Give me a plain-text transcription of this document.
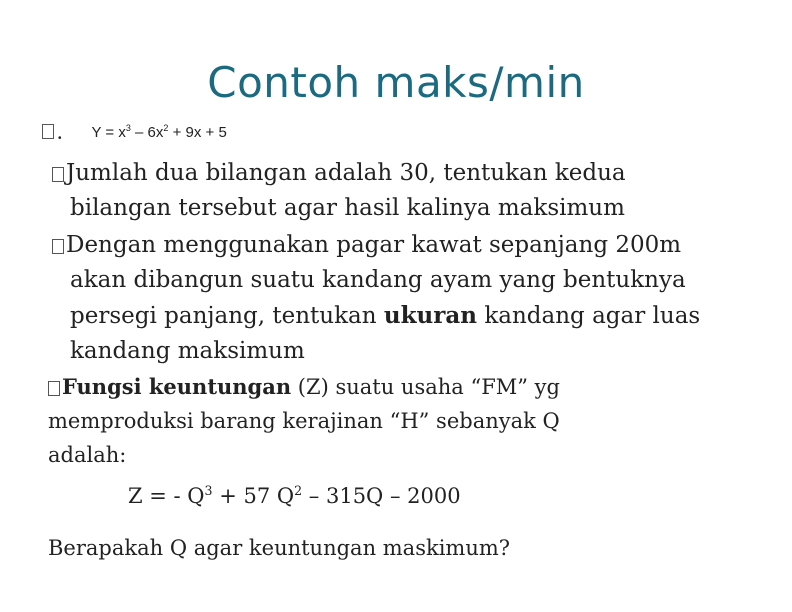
Contoh maks/min
$_•$ $Y = x^3 - 6x^2 + 9x + 5$
Jumlah dua bilangan adalah 30, tentukan kedua
bilangan tersebut agar hasil kalinya maksimum
Dengan menggunakan pagar kawat sepanjang 200m
akan dibangun suatu kandang ayam yang bentuknya
persegi panjang, tentukan ukuran kandang agar luas
kandang maksimum
Fungsi keuntungan (Z) suatu usaha “FM” yg
memproduksi barang kerajinan “H” sebanyak Q
adalah:
Z = - $Q^3 + 57$ $Q^2 - 315Q - 2000$
Berapakah Q agar keuntungan maskimum?
